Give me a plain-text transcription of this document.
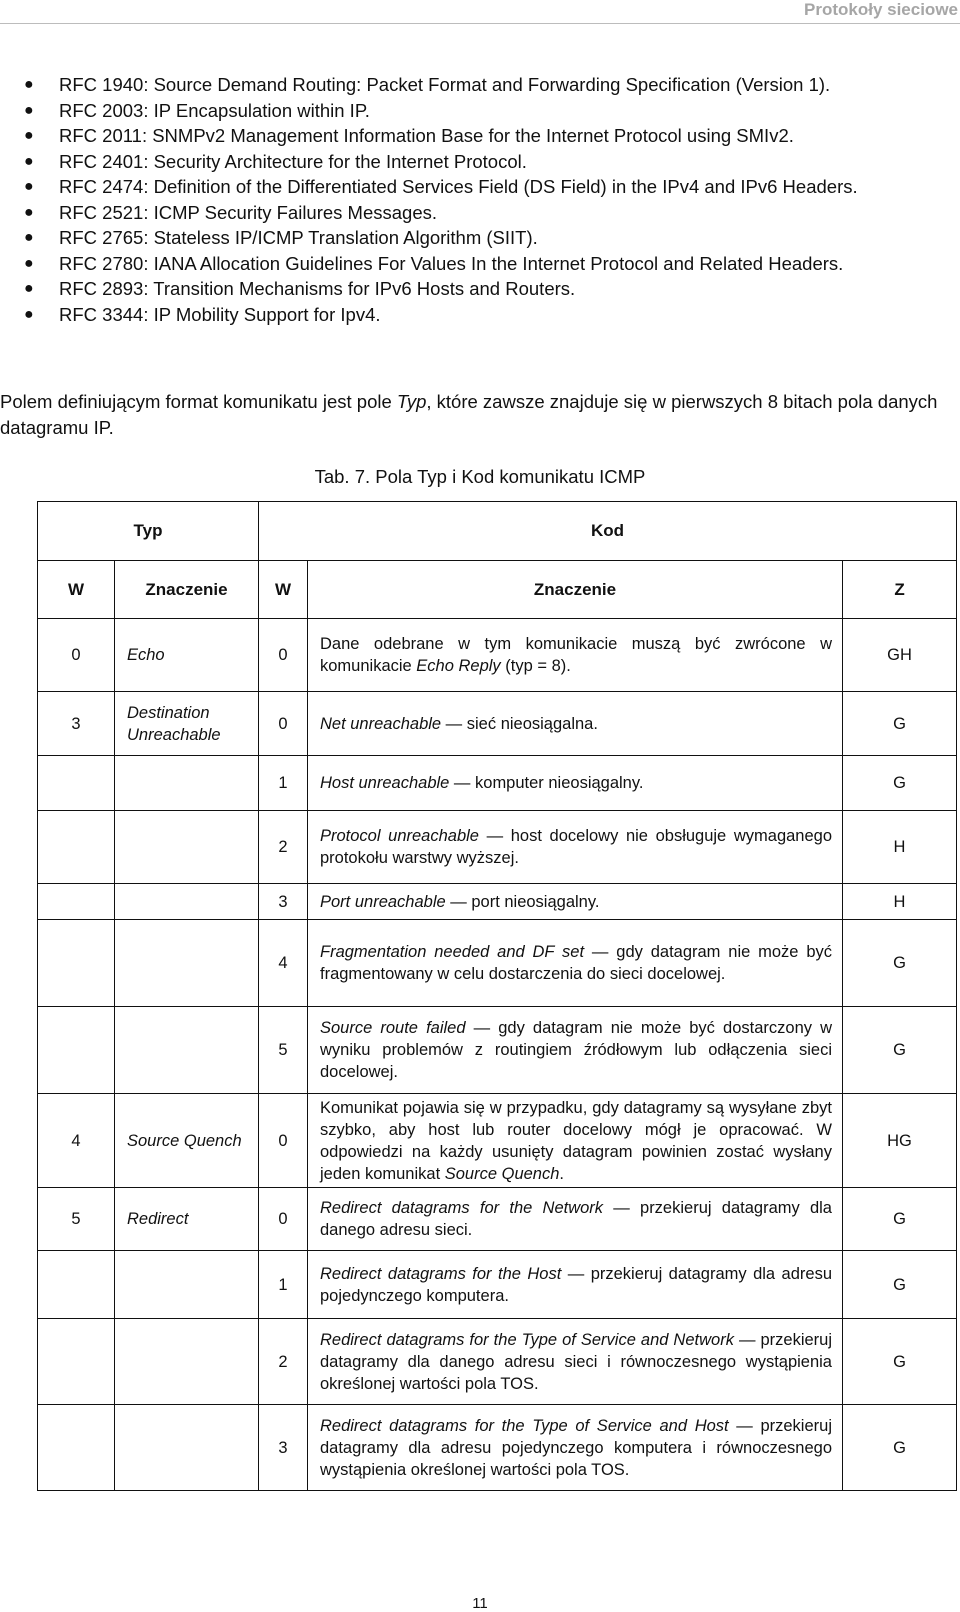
Protokoły sieciowe
● RFC 1940: Source Demand Routing: Packet Format and Forwarding Specification (Version 1).
● RFC 2003: IP Encapsulation within IP.
● RFC 2011: SNMPv2 Management Information Base for the Internet Protocol using SMIv2.
● RFC 2401: Security Architecture for the Internet Protocol.
● RFC 2474: Definition of the Differentiated Services Field (DS Field) in the IPv4 and IPv6 Headers.
● RFC 2521: ICMP Security Failures Messages.
● RFC 2765: Stateless IP/ICMP Translation Algorithm (SIIT).
● RFC 2780: IANA Allocation Guidelines For Values In the Internet Protocol and Related Headers.
● RFC 2893: Transition Mechanisms for IPv6 Hosts and Routers.
● RFC 3344: IP Mobility Support for Ipv4.

Polem definiującym format komunikatu jest pole Typ, które zawsze znajduje się w pierwszych 8 bitach pola danych datagramu IP.

Tab. 7. Pola Typ i Kod komunikatu ICMP
Typ		Kod		
W	Znaczenie	W	Znaczenie	Z
0	Echo	0	Dane odebrane w tym komunikacie muszą być zwrócone w komunikacie Echo Reply (typ = 8).	GH
3	Destination Unreachable	0	Net unreachable — sieć nieosiągalna.	G
		1	Host unreachable — komputer nieosiągalny.	G
		2	Protocol unreachable — host docelowy nie obsługuje wymaganego protokołu warstwy wyższej.	H
		3	Port unreachable — port nieosiągalny.	H
		4	Fragmentation needed and DF set — gdy datagram nie może być fragmentowany w celu dostarczenia do sieci docelowej.	G
		5	Source route failed — gdy datagram nie może być dostarczony w wyniku problemów z routingiem źródłowym lub odłączenia sieci docelowej.	G
4	Source Quench	0	Komunikat pojawia się w przypadku, gdy datagramy są wysyłane zbyt szybko, aby host lub router docelowy mógł je opracować. W odpowiedzi na każdy usunięty datagram powinien zostać wysłany jeden komunikat Source Quench.	HG
5	Redirect	0	Redirect datagrams for the Network — przekieruj datagramy dla danego adresu sieci.	G
		1	Redirect datagrams for the Host — przekieruj datagramy dla adresu pojedynczego komputera.	G
		2	Redirect datagrams for the Type of Service and Network — przekieruj datagramy dla danego adresu sieci i równoczesnego wystąpienia określonej wartości pola TOS.	G
		3	Redirect datagrams for the Type of Service and Host — przekieruj datagramy dla adresu pojedynczego komputera i równoczesnego wystąpienia określonej wartości pola TOS.	G
11
